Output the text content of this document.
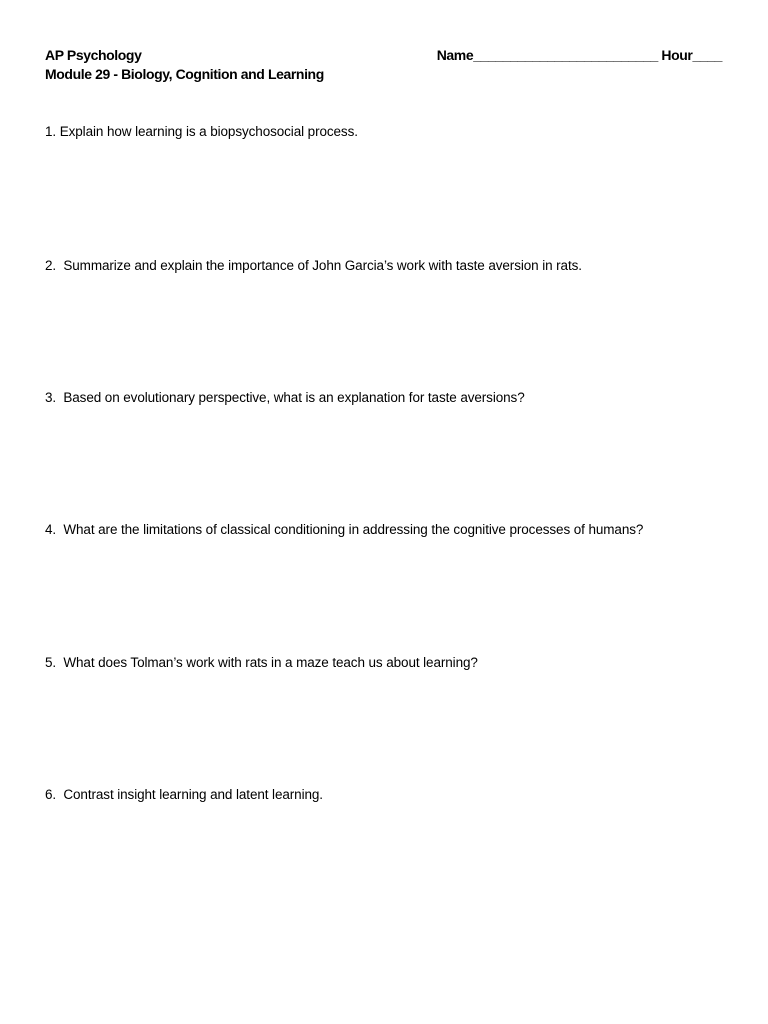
AP Psychology
Module 29 - Biology, Cognition and Learning
Name_________________________ Hour____
1. Explain how learning is a biopsychosocial process.
2. Summarize and explain the importance of John Garcia’s work with taste aversion in rats.
3. Based on evolutionary perspective, what is an explanation for taste aversions?
4. What are the limitations of classical conditioning in addressing the cognitive processes of humans?
5. What does Tolman’s work with rats in a maze teach us about learning?
6. Contrast insight learning and latent learning.
